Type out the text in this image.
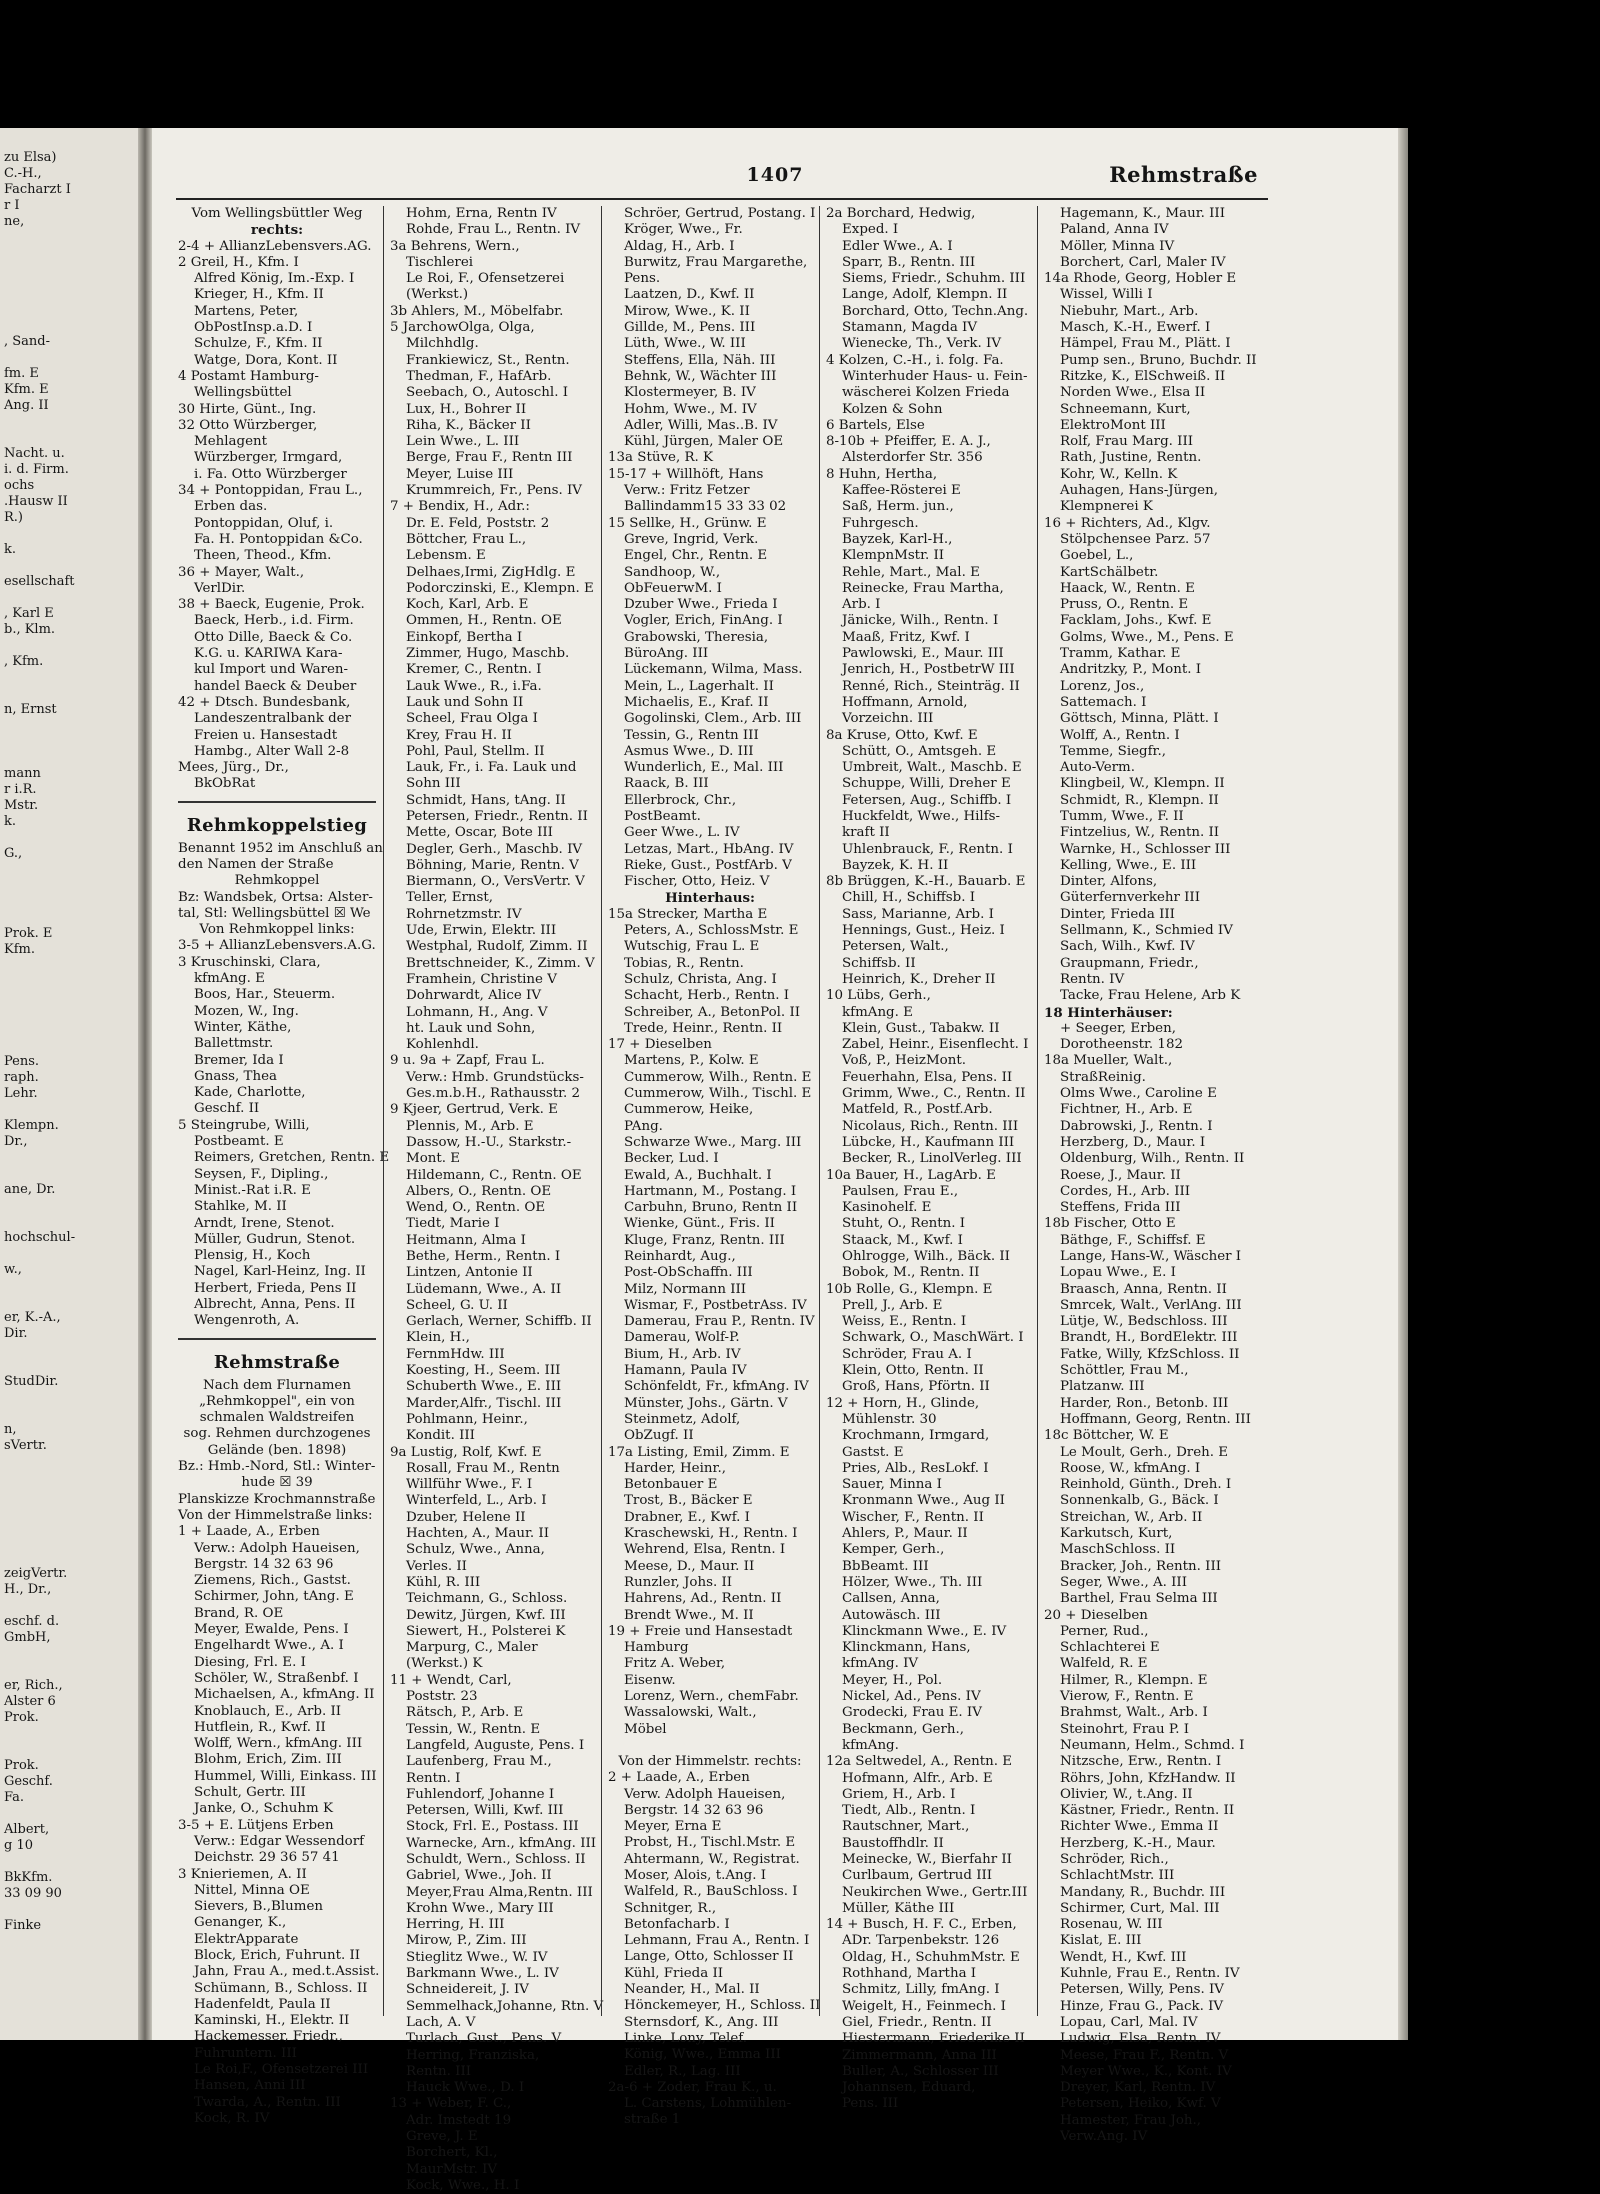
zu Elsa)
C.-H.,
Facharzt I
r I
ne,
, Sand-
fm. E
Kfm. E
Ang. II
Nacht. u.
i. d. Firm.
ochs
.Hausw II
R.)
k.
esellschaft
, Karl E
b., Klm.
, Kfm.
n, Ernst
mann
r i.R.
Mstr.
k.
G.,
Prok. E
Kfm.
Pens.
raph.
Lehr.
Klempn.
Dr.,
ane, Dr.
hochschul-
w.,
er, K.-A.,
Dir.
StudDir.
n,
sVertr.
zeigVertr.
H., Dr.,
eschf. d.
GmbH,
er, Rich.,
Alster 6
Prok.
Prok.
Geschf.
Fa.
Albert,
g 10
BkKfm.
33 09 90
Finke
1407	Rehmstraße
Vom Wellingsbüttler Weg
rechts:
2-4 + AllianzLebensvers.AG.
2 Greil, H., Kfm. I
Alfred König, Im.-Exp. I
Krieger, H., Kfm. II
Martens, Peter,
ObPostInsp.a.D. I
Schulze, F., Kfm. II
Watge, Dora, Kont. II
4 Postamt Hamburg-
Wellingsbüttel
30 Hirte, Günt., Ing.
32 Otto Würzberger,
Mehlagent
Würzberger, Irmgard,
i. Fa. Otto Würzberger
34 + Pontoppidan, Frau L.,
Erben das.
Pontoppidan, Oluf, i.
Fa. H. Pontoppidan &Co.
Theen, Theod., Kfm.
36 + Mayer, Walt.,
VerlDir.
38 + Baeck, Eugenie, Prok.
Baeck, Herb., i.d. Firm.
Otto Dille, Baeck & Co.
K.G. u. KARIWA Kara-
kul Import und Waren-
handel Baeck & Deuber
42 + Dtsch. Bundesbank,
Landeszentralbank der
Freien u. Hansestadt
Hambg., Alter Wall 2-8
Mees, Jürg., Dr.,
BkObRat
Rehmkoppelstieg
Benannt 1952 im Anschluß an
den Namen der Straße
Rehmkoppel
Bz: Wandsbek, Ortsa: Alster-
tal, Stl: Wellingsbüttel ☒ We
Von Rehmkoppel links:
3-5 + AllianzLebensvers.A.G.
3 Kruschinski, Clara,
kfmAng. E
Boos, Har., Steuerm.
Mozen, W., Ing.
Winter, Käthe,
Ballettmstr.
Bremer, Ida I
Gnass, Thea
Kade, Charlotte,
Geschf. II
5 Steingrube, Willi,
Postbeamt. E
Reimers, Gretchen, Rentn. E
Seysen, F., Dipling.,
Minist.-Rat i.R. E
Stahlke, M. II
Arndt, Irene, Stenot.
Müller, Gudrun, Stenot.
Plensig, H., Koch
Nagel, Karl-Heinz, Ing. II
Herbert, Frieda, Pens II
Albrecht, Anna, Pens. II
Wengenroth, A.
Rehmstraße
Nach dem Flurnamen
„Rehmkoppel", ein von
schmalen Waldstreifen
sog. Rehmen durchzogenes
Gelände (ben. 1898)
Bz.: Hmb.-Nord, Stl.: Winter-
hude ☒ 39
Planskizze Krochmannstraße
Von der Himmelstraße links:
1 + Laade, A., Erben
Verw.: Adolph Haueisen,
Bergstr. 14 32 63 96
Ziemens, Rich., Gastst.
Schirmer, John, tAng. E
Brand, R. OE
Meyer, Ewalde, Pens. I
Engelhardt Wwe., A. I
Diesing, Frl. E. I
Schöler, W., Straßenbf. I
Michaelsen, A., kfmAng. II
Knoblauch, E., Arb. II
Hutflein, R., Kwf. II
Wolff, Wern., kfmAng. III
Blohm, Erich, Zim. III
Hummel, Willi, Einkass. III
Schult, Gertr. III
Janke, O., Schuhm K
3-5 + E. Lütjens Erben
Verw.: Edgar Wessendorf
Deichstr. 29 36 57 41
3 Knieriemen, A. II
Nittel, Minna OE
Sievers, B.,Blumen
Genanger, K.,
ElektrApparate
Block, Erich, Fuhrunt. II
Jahn, Frau A., med.t.Assist.
Schümann, B., Schloss. II
Hadenfeldt, Paula II
Kaminski, H., Elektr. II
Hackemesser, Friedr.,
Fuhruntern. III
Le Roi,F., Ofensetzerei III
Hansen, Anni III
Twarda, A., Rentn. III
Kock, R. IV
Hohm, Erna, Rentn IV
Rohde, Frau L., Rentn. IV
3a Behrens, Wern.,
Tischlerei
Le Roi, F., Ofensetzerei
(Werkst.)
3b Ahlers, M., Möbelfabr.
5 JarchowOlga, Olga,
Milchhdlg.
Frankiewicz, St., Rentn.
Thedman, F., HafArb.
Seebach, O., Autoschl. I
Lux, H., Bohrer II
Riha, K., Bäcker II
Lein Wwe., L. III
Berge, Frau F., Rentn III
Meyer, Luise III
Krummreich, Fr., Pens. IV
7 + Bendix, H., Adr.:
Dr. E. Feld, Poststr. 2
Böttcher, Frau L.,
Lebensm. E
Delhaes,Irmi, ZigHdlg. E
Podorczinski, E., Klempn. E
Koch, Karl, Arb. E
Ommen, H., Rentn. OE
Einkopf, Bertha I
Zimmer, Hugo, Maschb.
Kremer, C., Rentn. I
Lauk Wwe., R., i.Fa.
Lauk und Sohn II
Scheel, Frau Olga I
Krey, Frau H. II
Pohl, Paul, Stellm. II
Lauk, Fr., i. Fa. Lauk und
Sohn III
Schmidt, Hans, tAng. II
Petersen, Friedr., Rentn. II
Mette, Oscar, Bote III
Degler, Gerh., Maschb. IV
Böhning, Marie, Rentn. V
Biermann, O., VersVertr. V
Teller, Ernst,
Rohrnetzmstr. IV
Ude, Erwin, Elektr. III
Westphal, Rudolf, Zimm. II
Brettschneider, K., Zimm. V
Framhein, Christine V
Dohrwardt, Alice IV
Lohmann, H., Ang. V
ht. Lauk und Sohn,
Kohlenhdl.
9 u. 9a + Zapf, Frau L.
Verw.: Hmb. Grundstücks-
Ges.m.b.H., Rathausstr. 2
9 Kjeer, Gertrud, Verk. E
Plennis, M., Arb. E
Dassow, H.-U., Starkstr.-
Mont. E
Hildemann, C., Rentn. OE
Albers, O., Rentn. OE
Wend, O., Rentn. OE
Tiedt, Marie I
Heitmann, Alma I
Bethe, Herm., Rentn. I
Lintzen, Antonie II
Lüdemann, Wwe., A. II
Scheel, G. U. II
Gerlach, Werner, Schiffb. II
Klein, H.,
FernmHdw. III
Koesting, H., Seem. III
Schuberth Wwe., E. III
Marder,Alfr., Tischl. III
Pohlmann, Heinr.,
Kondit. III
9a Lustig, Rolf, Kwf. E
Rosall, Frau M., Rentn
Willführ Wwe., F. I
Winterfeld, L., Arb. I
Dzuber, Helene II
Hachten, A., Maur. II
Schulz, Wwe., Anna,
Verles. II
Kühl, R. III
Teichmann, G., Schloss.
Dewitz, Jürgen, Kwf. III
Siewert, H., Polsterei K
Marpurg, C., Maler
(Werkst.) K
11 + Wendt, Carl,
Poststr. 23
Rätsch, P., Arb. E
Tessin, W., Rentn. E
Langfeld, Auguste, Pens. I
Laufenberg, Frau M.,
Rentn. I
Fuhlendorf, Johanne I
Petersen, Willi, Kwf. III
Stock, Frl. E., Postass. III
Warnecke, Arn., kfmAng. III
Schuldt, Wern., Schloss. II
Gabriel, Wwe., Joh. II
Meyer,Frau Alma,Rentn. III
Krohn Wwe., Mary III
Herring, H. III
Mirow, P., Zim. III
Stieglitz Wwe., W. IV
Barkmann Wwe., L. IV
Schneidereit, J. IV
Semmelhack,Johanne, Rtn. V
Lach, A. V
Turlach, Gust., Pens. V
Herring, Franziska,
Rentn. III
Hauck Wwe., D. I
13 + Weber, F. C.,
Adr. Imstedt 19
Greve, J. E
Borchert, Kl.,
MaurMstr. IV
Kock, Wwe., H. I
Schröer, Gertrud, Postang. I
Kröger, Wwe., Fr.
Aldag, H., Arb. I
Burwitz, Frau Margarethe,
Pens.
Laatzen, D., Kwf. II
Mirow, Wwe., K. II
Gillde, M., Pens. III
Lüth, Wwe., W. III
Steffens, Ella, Näh. III
Behnk, W., Wächter III
Klostermeyer, B. IV
Hohm, Wwe., M. IV
Adler, Willi, Mas..B. IV
Kühl, Jürgen, Maler OE
13a Stüve, R. K
15-17 + Willhöft, Hans
Verw.: Fritz Fetzer
Ballindamm15 33 33 02
15 Sellke, H., Grünw. E
Greve, Ingrid, Verk.
Engel, Chr., Rentn. E
Sandhoop, W.,
ObFeuerwM. I
Dzuber Wwe., Frieda I
Vogler, Erich, FinAng. I
Grabowski, Theresia,
BüroAng. III
Lückemann, Wilma, Mass.
Mein, L., Lagerhalt. II
Michaelis, E., Kraf. II
Gogolinski, Clem., Arb. III
Tessin, G., Rentn III
Asmus Wwe., D. III
Wunderlich, E., Mal. III
Raack, B. III
Ellerbrock, Chr.,
PostBeamt.
Geer Wwe., L. IV
Letzas, Mart., HbAng. IV
Rieke, Gust., PostfArb. V
Fischer, Otto, Heiz. V
Hinterhaus:
15a Strecker, Martha E
Peters, A., SchlossMstr. E
Wutschig, Frau L. E
Tobias, R., Rentn.
Schulz, Christa, Ang. I
Schacht, Herb., Rentn. I
Schreiber, A., BetonPol. II
Trede, Heinr., Rentn. II
17 + Dieselben
Martens, P., Kolw. E
Cummerow, Wilh., Rentn. E
Cummerow, Wilh., Tischl. E
Cummerow, Heike,
PAng.
Schwarze Wwe., Marg. III
Becker, Lud. I
Ewald, A., Buchhalt. I
Hartmann, M., Postang. I
Carbuhn, Bruno, Rentn II
Wienke, Günt., Fris. II
Kluge, Franz, Rentn. III
Reinhardt, Aug.,
Post-ObSchaffn. III
Milz, Normann III
Wismar, F., PostbetrAss. IV
Damerau, Frau P., Rentn. IV
Damerau, Wolf-P.
Bium, H., Arb. IV
Hamann, Paula IV
Schönfeldt, Fr., kfmAng. IV
Münster, Johs., Gärtn. V
Steinmetz, Adolf,
ObZugf. II
17a Listing, Emil, Zimm. E
Harder, Heinr.,
Betonbauer E
Trost, B., Bäcker E
Drabner, E., Kwf. I
Kraschewski, H., Rentn. I
Wehrend, Elsa, Rentn. I
Meese, D., Maur. II
Runzler, Johs. II
Hahrens, Ad., Rentn. II
Brendt Wwe., M. II
19 + Freie und Hansestadt
Hamburg
Fritz A. Weber,
Eisenw.
Lorenz, Wern., chemFabr.
Wassalowski, Walt.,
Möbel
Von der Himmelstr. rechts:
2 + Laade, A., Erben
Verw. Adolph Haueisen,
Bergstr. 14 32 63 96
Meyer, Erna E
Probst, H., Tischl.Mstr. E
Ahtermann, W., Registrat.
Moser, Alois, t.Ang. I
Walfeld, R., BauSchloss. I
Schnitger, R.,
Betonfacharb. I
Lehmann, Frau A., Rentn. I
Lange, Otto, Schlosser II
Kühl, Frieda II
Neander, H., Mal. II
Hönckemeyer, H., Schloss. II
Sternsdorf, K., Ang. III
Linke, Lony, Telef.
König, Wwe., Emma III
Edler, R., Lag. III
2a-6 + Zoder, Frau K., u.
L. Carstens, Lohmühlen-
straße 1
2a Borchard, Hedwig,
Exped. I
Edler Wwe., A. I
Sparr, B., Rentn. III
Siems, Friedr., Schuhm. III
Lange, Adolf, Klempn. II
Borchard, Otto, Techn.Ang.
Stamann, Magda IV
Wienecke, Th., Verk. IV
4 Kolzen, C.-H., i. folg. Fa.
Winterhuder Haus- u. Fein-
wäscherei Kolzen Frieda
Kolzen & Sohn
6 Bartels, Else
8-10b + Pfeiffer, E. A. J.,
Alsterdorfer Str. 356
8 Huhn, Hertha,
Kaffee-Rösterei E
Saß, Herm. jun.,
Fuhrgesch.
Bayzek, Karl-H.,
KlempnMstr. II
Rehle, Mart., Mal. E
Reinecke, Frau Martha,
Arb. I
Jänicke, Wilh., Rentn. I
Maaß, Fritz, Kwf. I
Pawlowski, E., Maur. III
Jenrich, H., PostbetrW III
Renné, Rich., Steinträg. II
Hoffmann, Arnold,
Vorzeichn. III
8a Kruse, Otto, Kwf. E
Schütt, O., Amtsgeh. E
Umbreit, Walt., Maschb. E
Schuppe, Willi, Dreher E
Fetersen, Aug., Schiffb. I
Huckfeldt, Wwe., Hilfs-
kraft II
Uhlenbrauck, F., Rentn. I
Bayzek, K. H. II
8b Brüggen, K.-H., Bauarb. E
Chill, H., Schiffsb. I
Sass, Marianne, Arb. I
Hennings, Gust., Heiz. I
Petersen, Walt.,
Schiffsb. II
Heinrich, K., Dreher II
10 Lübs, Gerh.,
kfmAng. E
Klein, Gust., Tabakw. II
Zabel, Heinr., Eisenflecht. I
Voß, P., HeizMont.
Feuerhahn, Elsa, Pens. II
Grimm, Wwe., C., Rentn. II
Matfeld, R., Postf.Arb.
Nicolaus, Rich., Rentn. III
Lübcke, H., Kaufmann III
Becker, R., LinolVerleg. III
10a Bauer, H., LagArb. E
Paulsen, Frau E.,
Kasinohelf. E
Stuht, O., Rentn. I
Staack, M., Kwf. I
Ohlrogge, Wilh., Bäck. II
Bobok, M., Rentn. II
10b Rolle, G., Klempn. E
Prell, J., Arb. E
Weiss, E., Rentn. I
Schwark, O., MaschWärt. I
Schröder, Frau A. I
Klein, Otto, Rentn. II
Groß, Hans, Pförtn. II
12 + Horn, H., Glinde,
Mühlenstr. 30
Krochmann, Irmgard,
Gastst. E
Pries, Alb., ResLokf. I
Sauer, Minna I
Kronmann Wwe., Aug II
Wischer, F., Rentn. II
Ahlers, P., Maur. II
Kemper, Gerh.,
BbBeamt. III
Hölzer, Wwe., Th. III
Callsen, Anna,
Autowäsch. III
Klinckmann Wwe., E. IV
Klinckmann, Hans,
kfmAng. IV
Meyer, H., Pol.
Nickel, Ad., Pens. IV
Grodecki, Frau E. IV
Beckmann, Gerh.,
kfmAng.
12a Seltwedel, A., Rentn. E
Hofmann, Alfr., Arb. E
Griem, H., Arb. I
Tiedt, Alb., Rentn. I
Rautschner, Mart.,
Baustoffhdlr. II
Meinecke, W., Bierfahr II
Curlbaum, Gertrud III
Neukirchen Wwe., Gertr.III
Müller, Käthe III
14 + Busch, H. F. C., Erben,
ADr. Tarpenbekstr. 126
Oldag, H., SchuhmMstr. E
Rothhand, Martha I
Schmitz, Lilly, fmAng. I
Weigelt, H., Feinmech. I
Giel, Friedr., Rentn. II
Hiestermann, Friederike II
Zimmermann, Anna III
Buller, A., Schlosser III
Johannsen, Eduard,
Pens. III
Hagemann, K., Maur. III
Paland, Anna IV
Möller, Minna IV
Borchert, Carl, Maler IV
14a Rhode, Georg, Hobler E
Wissel, Willi I
Niebuhr, Mart., Arb.
Masch, K.-H., Ewerf. I
Hämpel, Frau M., Plätt. I
Pump sen., Bruno, Buchdr. II
Ritzke, K., ElSchweiß. II
Norden Wwe., Elsa II
Schneemann, Kurt,
ElektroMont III
Rolf, Frau Marg. III
Rath, Justine, Rentn.
Kohr, W., Kelln. K
Auhagen, Hans-Jürgen,
Klempnerei K
16 + Richters, Ad., Klgv.
Stölpchensee Parz. 57
Goebel, L.,
KartSchälbetr.
Haack, W., Rentn. E
Pruss, O., Rentn. E
Facklam, Johs., Kwf. E
Golms, Wwe., M., Pens. E
Tramm, Kathar. E
Andritzky, P., Mont. I
Lorenz, Jos.,
Sattemach. I
Göttsch, Minna, Plätt. I
Wolff, A., Rentn. I
Temme, Siegfr.,
Auto-Verm.
Klingbeil, W., Klempn. II
Schmidt, R., Klempn. II
Tumm, Wwe., F. II
Fintzelius, W., Rentn. II
Warnke, H., Schlosser III
Kelling, Wwe., E. III
Dinter, Alfons,
Güterfernverkehr III
Dinter, Frieda III
Sellmann, K., Schmied IV
Sach, Wilh., Kwf. IV
Graupmann, Friedr.,
Rentn. IV
Tacke, Frau Helene, Arb K
18 Hinterhäuser:
+ Seeger, Erben,
Dorotheenstr. 182
18a Mueller, Walt.,
StraßReinig.
Olms Wwe., Caroline E
Fichtner, H., Arb. E
Dabrowski, J., Rentn. I
Herzberg, D., Maur. I
Oldenburg, Wilh., Rentn. II
Roese, J., Maur. II
Cordes, H., Arb. III
Steffens, Frida III
18b Fischer, Otto E
Bäthge, F., Schiffsf. E
Lange, Hans-W., Wäscher I
Lopau Wwe., E. I
Braasch, Anna, Rentn. II
Smrcek, Walt., VerlAng. III
Lütje, W., Bedschloss. III
Brandt, H., BordElektr. III
Fatke, Willy, KfzSchloss. II
Schöttler, Frau M.,
Platzanw. III
Harder, Ron., Betonb. III
Hoffmann, Georg, Rentn. III
18c Böttcher, W. E
Le Moult, Gerh., Dreh. E
Roose, W., kfmAng. I
Reinhold, Günth., Dreh. I
Sonnenkalb, G., Bäck. I
Streichan, W., Arb. II
Karkutsch, Kurt,
MaschSchloss. II
Bracker, Joh., Rentn. III
Seger, Wwe., A. III
Barthel, Frau Selma III
20 + Dieselben
Perner, Rud.,
Schlachterei E
Walfeld, R. E
Hilmer, R., Klempn. E
Vierow, F., Rentn. E
Brahmst, Walt., Arb. I
Steinohrt, Frau P. I
Neumann, Helm., Schmd. I
Nitzsche, Erw., Rentn. I
Röhrs, John, KfzHandw. II
Olivier, W., t.Ang. II
Kästner, Friedr., Rentn. II
Richter Wwe., Emma II
Herzberg, K.-H., Maur.
Schröder, Rich.,
SchlachtMstr. III
Mandany, R., Buchdr. III
Schirmer, Curt, Mal. III
Rosenau, W. III
Kislat, E. III
Wendt, H., Kwf. III
Kuhnle, Frau E., Rentn. IV
Petersen, Willy, Pens. IV
Hinze, Frau G., Pack. IV
Lopau, Carl, Mal. IV
Ludwig, Elsa, Rentn. IV
Meese, Frau F., Rentn. V
Meyer Wwe., K., Kont. IV
Dreyer, Karl, Rentn. IV
Petersen, Heiko, Kwf. V
Hamester, Frau Joh.,
Verw.Ang. IV
